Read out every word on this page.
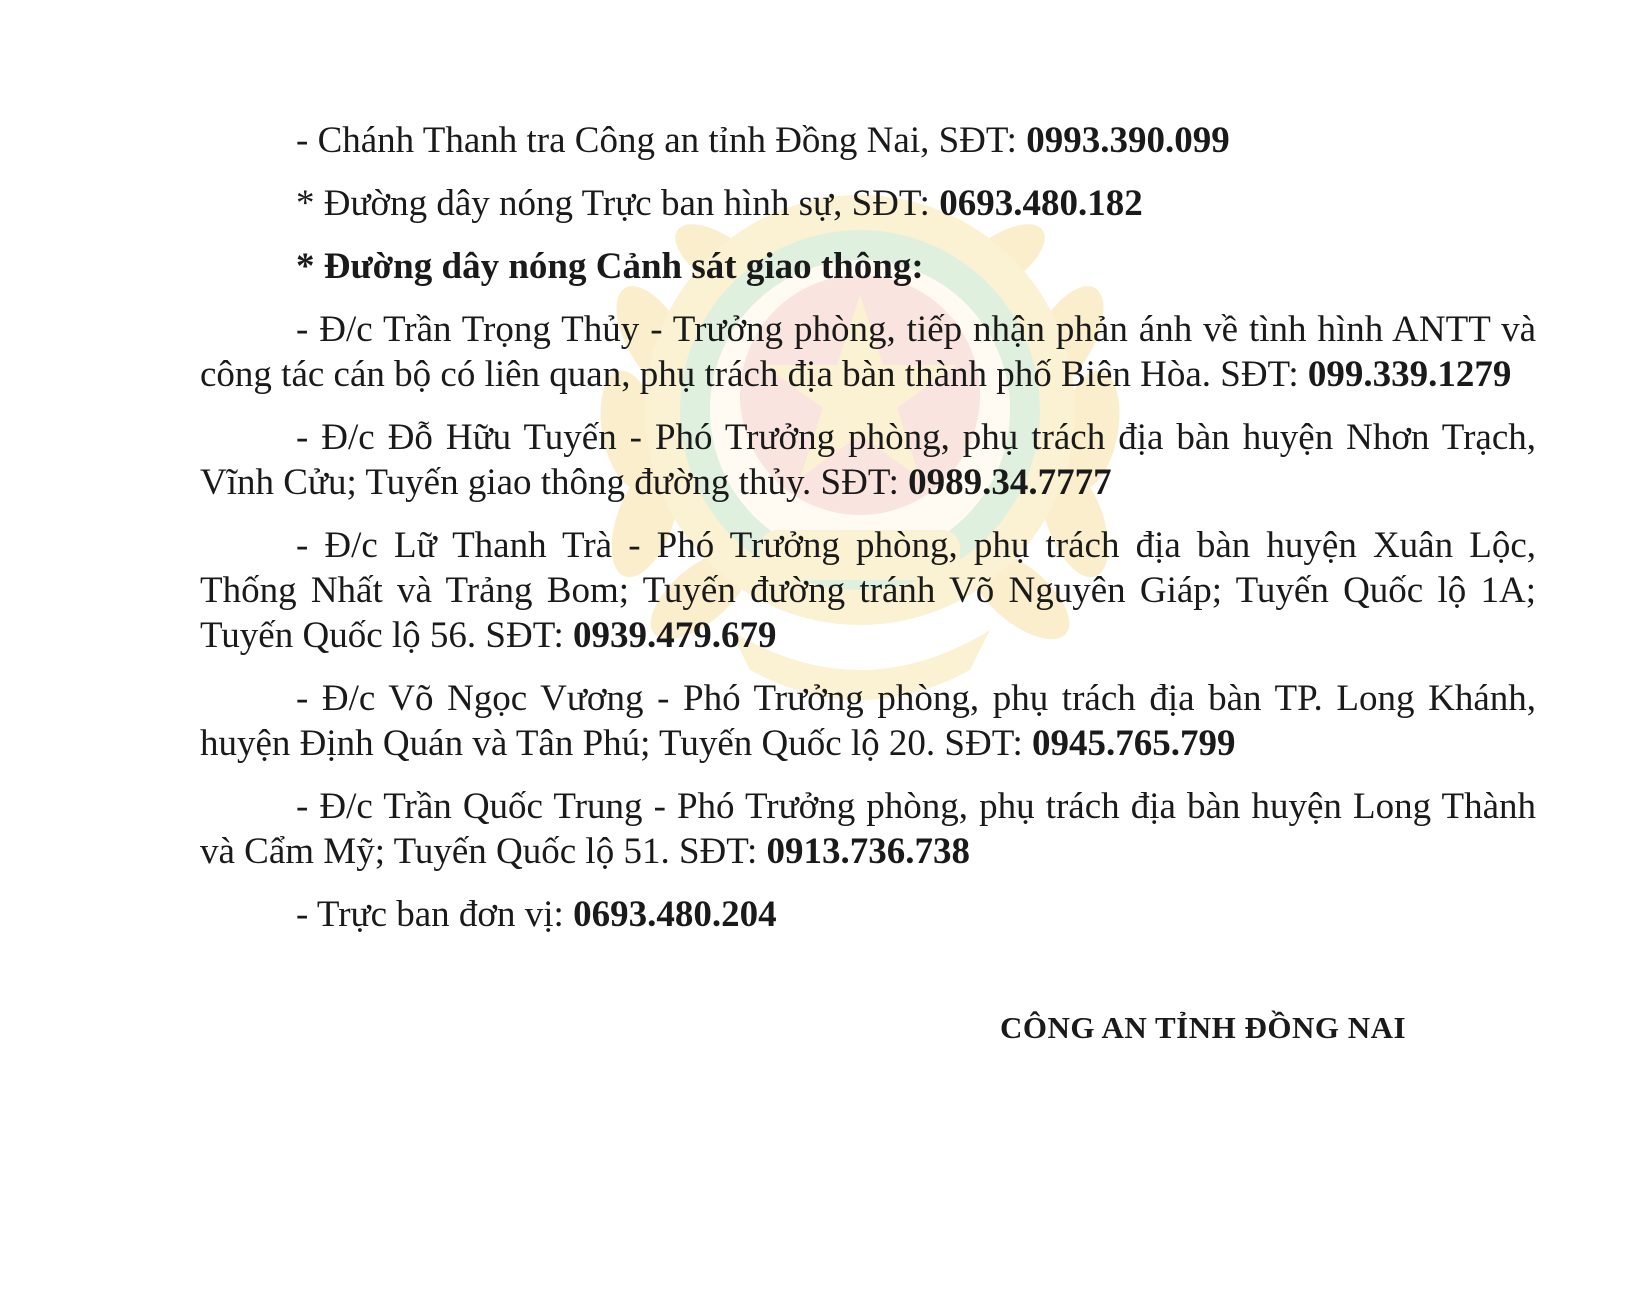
- Chánh Thanh tra Công an tỉnh Đồng Nai, SĐT: 0993.390.099

* Đường dây nóng Trực ban hình sự, SĐT: 0693.480.182

* Đường dây nóng Cảnh sát giao thông:

- Đ/c Trần Trọng Thủy - Trưởng phòng, tiếp nhận phản ánh về tình hình ANTT và công tác cán bộ có liên quan, phụ trách địa bàn thành phố Biên Hòa. SĐT: 099.339.1279

- Đ/c Đỗ Hữu Tuyến - Phó Trưởng phòng, phụ trách địa bàn huyện Nhơn Trạch, Vĩnh Cửu; Tuyến giao thông đường thủy. SĐT: 0989.34.7777

- Đ/c Lữ Thanh Trà - Phó Trưởng phòng, phụ trách địa bàn huyện Xuân Lộc, Thống Nhất và Trảng Bom; Tuyến đường tránh Võ Nguyên Giáp; Tuyến Quốc lộ 1A; Tuyến Quốc lộ 56. SĐT: 0939.479.679

- Đ/c Võ Ngọc Vương - Phó Trưởng phòng, phụ trách địa bàn TP. Long Khánh, huyện Định Quán và Tân Phú; Tuyến Quốc lộ 20. SĐT: 0945.765.799

- Đ/c Trần Quốc Trung - Phó Trưởng phòng, phụ trách địa bàn huyện Long Thành và Cẩm Mỹ; Tuyến Quốc lộ 51. SĐT: 0913.736.738

- Trực ban đơn vị: 0693.480.204

CÔNG AN TỈNH ĐỒNG NAI
